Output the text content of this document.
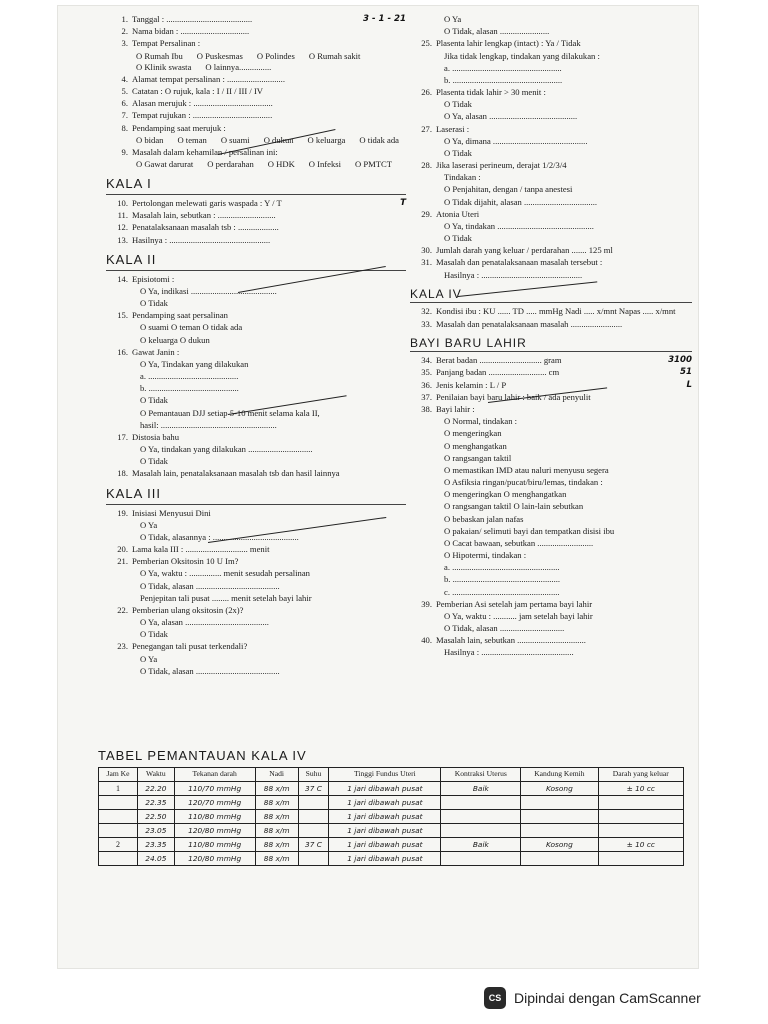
1. Tanggal : ........................................	3 - 1 - 21
2. Nama bidan : ................................
3. Tempat Persalinan :
O Rumah Ibu O Puskesmas O Polindes O Rumah sakit
O Klinik swasta O lainnya...............
4. Alamat tempat persalinan : ...........................
5. Catatan : O rujuk, kala : I / II / III / IV
6. Alasan merujuk : .....................................
7. Tempat rujukan : .....................................
8. Pendamping saat merujuk :
O bidan O teman O suami O dukun O keluarga O tidak ada
9. Masalah dalam kehamilan / persalinan ini:
O Gawat darurat O perdarahan O HDK O Infeksi O PMTCT
KALA I
10. Pertolongan melewati garis waspada : Y / T	T
11. Masalah lain, sebutkan : ...........................
12. Penatalaksanaan masalah tsb : ...................
13. Hasilnya : ...............................................
KALA II
14. Episiotomi :
O Ya, indikasi ........................................
O Tidak
15. Pendamping saat persalinan
O suami O teman O tidak ada
O keluarga O dukun
16. Gawat Janin :
O Ya, Tindakan yang dilakukan
a. ..........................................
b. ..........................................
O Tidak
O Pemantauan DJJ setiap 5-10 menit selama kala II,
hasil: ......................................................
17. Distosia bahu
O Ya, tindakan yang dilakukan ..............................
O Tidak
18. Masalah lain, penatalaksanaan masalah tsb dan hasil lainnya
KALA III
19. Inisiasi Menyusui Dini
O Ya
O Tidak, alasannya : ........................................
20. Lama kala III : ............................. menit
21. Pemberian Oksitosin 10 U Im?
O Ya, waktu : ............... menit sesudah persalinan
O Tidak, alasan .......................................
Penjepitan tali pusat ........ menit setelah bayi lahir
22. Pemberian ulang oksitosin (2x)?
O Ya, alasan .......................................
O Tidak
23. Penegangan tali pusat terkendali?
O Ya
O Tidak, alasan .......................................
O Ya
O Tidak, alasan .......................
25. Plasenta lahir lengkap (intact) : Ya / Tidak
Jika tidak lengkap, tindakan yang dilakukan :
a. ...................................................
b. ...................................................
26. Plasenta tidak lahir > 30 menit :
O Tidak
O Ya, alasan .........................................
27. Laserasi :
O Ya, dimana ............................................
O Tidak
28. Jika laserasi perineum, derajat 1/2/3/4
Tindakan :
O Penjahitan, dengan / tanpa anestesi
O Tidak dijahit, alasan ..................................
29. Atonia Uteri
O Ya, tindakan .............................................
O Tidak
30. Jumlah darah yang keluar / perdarahan ....... 125 ml
31. Masalah dan penatalaksanaan masalah tersebut :
Hasilnya : ...............................................
KALA IV
32. Kondisi ibu : KU ...... TD ..... mmHg Nadi ..... x/mnt Napas ..... x/mnt
33. Masalah dan penatalaksanaan masalah ........................
BAYI BARU LAHIR
34. Berat badan ............................. gram	3100
35. Panjang badan ........................... cm	51
36. Jenis kelamin : L / P	L
37. Penilaian bayi baru lahir : baik / ada penyulit
38. Bayi lahir :
O Normal, tindakan :
O mengeringkan
O menghangatkan
O rangsangan taktil
O memastikan IMD atau naluri menyusu segera
O Asfiksia ringan/pucat/biru/lemas, tindakan :
O mengeringkan O menghangatkan
O rangsangan taktil O lain-lain sebutkan
O bebaskan jalan nafas
O pakaian/ selimuti bayi dan tempatkan disisi ibu
O Cacat bawaan, sebutkan ..........................
O Hipotermi, tindakan :
a. ..................................................
b. ..................................................
c. ..................................................
39. Pemberian Asi setelah jam pertama bayi lahir
O Ya, waktu : ........... jam setelah bayi lahir
O Tidak, alasan ..............................
40. Masalah lain, sebutkan ................................
Hasilnya : ...........................................
TABEL PEMANTAUAN KALA IV
Jam Ke	Waktu	Tekanan darah	Nadi	Suhu	Tinggi Fundus Uteri	Kontraksi Uterus	Kandung Kemih	Darah yang keluar
1	22.20	110/70 mmHg	88 x/m	37 C	1 jari dibawah pusat	Baik	Kosong	± 10 cc
	22.35	120/70 mmHg	88 x/m		1 jari dibawah pusat			
	22.50	110/80 mmHg	88 x/m		1 jari dibawah pusat			
	23.05	120/80 mmHg	88 x/m		1 jari dibawah pusat			
2	23.35	110/80 mmHg	88 x/m	37 C	1 jari dibawah pusat	Baik	Kosong	± 10 cc
	24.05	120/80 mmHg	88 x/m		1 jari dibawah pusat			
CS Dipindai dengan CamScanner
